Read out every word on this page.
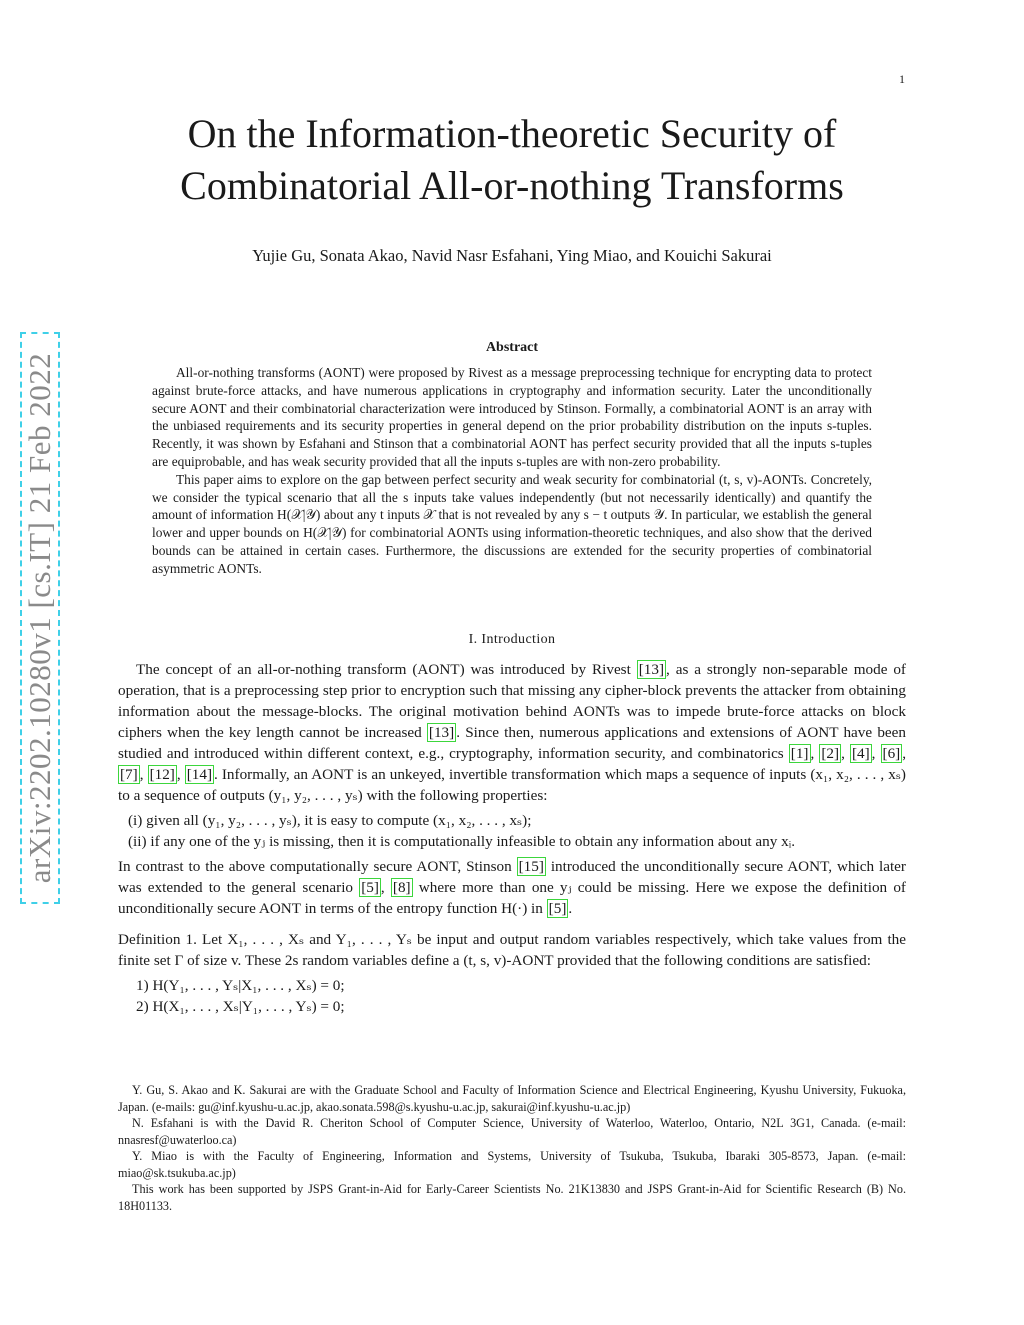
1
On the Information-theoretic Security of
Combinatorial All-or-nothing Transforms
Yujie Gu, Sonata Akao, Navid Nasr Esfahani, Ying Miao, and Kouichi Sakurai
arXiv:2202.10280v1 [cs.IT] 21 Feb 2022
Abstract

All-or-nothing transforms (AONT) were proposed by Rivest as a message preprocessing technique for encrypting data to protect against brute-force attacks, and have numerous applications in cryptography and information security. Later the unconditionally secure AONT and their combinatorial characterization were introduced by Stinson. Formally, a combinatorial AONT is an array with the unbiased requirements and its security properties in general depend on the prior probability distribution on the inputs s-tuples. Recently, it was shown by Esfahani and Stinson that a combinatorial AONT has perfect security provided that all the inputs s-tuples are equiprobable, and has weak security provided that all the inputs s-tuples are with non-zero probability.

This paper aims to explore on the gap between perfect security and weak security for combinatorial (t, s, v)-AONTs. Concretely, we consider the typical scenario that all the s inputs take values independently (but not necessarily identically) and quantify the amount of information H(𝒳|𝒴) about any t inputs 𝒳 that is not revealed by any s − t outputs 𝒴. In particular, we establish the general lower and upper bounds on H(𝒳|𝒴) for combinatorial AONTs using information-theoretic techniques, and also show that the derived bounds can be attained in certain cases. Furthermore, the discussions are extended for the security properties of combinatorial asymmetric AONTs.

I. Introduction

The concept of an all-or-nothing transform (AONT) was introduced by Rivest [13] , as a strongly non-separable mode of operation, that is a preprocessing step prior to encryption such that missing any cipher-block prevents the attacker from obtaining information about the message-blocks. The original motivation behind AONTs was to impede brute-force attacks on block ciphers when the key length cannot be increased [13] . Since then, numerous applications and extensions of AONT have been studied and introduced within different context, e.g., cryptography, information security, and combinatorics [1] , [2] , [4] , [6] , [7] , [12] , [14] . Informally, an AONT is an unkeyed, invertible transformation which maps a sequence of inputs (x₁, x₂, . . . , xₛ) to a sequence of outputs (y₁, y₂, . . . , yₛ) with the following properties:

(i) given all (y₁, y₂, . . . , yₛ), it is easy to compute (x₁, x₂, . . . , xₛ);
(ii) if any one of the yⱼ is missing, then it is computationally infeasible to obtain any information about any xᵢ.

In contrast to the above computationally secure AONT, Stinson [15] introduced the unconditionally secure AONT, which later was extended to the general scenario [5] , [8] where more than one yⱼ could be missing. Here we expose the definition of unconditionally secure AONT in terms of the entropy function H(·) in [5] .

Definition 1. Let X₁, . . . , Xₛ and Y₁, . . . , Yₛ be input and output random variables respectively, which take values from the finite set Γ of size v. These 2s random variables define a (t, s, v)-AONT provided that the following conditions are satisfied:

1) H(Y₁, . . . , Yₛ|X₁, . . . , Xₛ) = 0;
2) H(X₁, . . . , Xₛ|Y₁, . . . , Yₛ) = 0;

Y. Gu, S. Akao and K. Sakurai are with the Graduate School and Faculty of Information Science and Electrical Engineering, Kyushu University, Fukuoka, Japan. (e-mails: gu@inf.kyushu-u.ac.jp, akao.sonata.598@s.kyushu-u.ac.jp, sakurai@inf.kyushu-u.ac.jp)

N. Esfahani is with the David R. Cheriton School of Computer Science, University of Waterloo, Waterloo, Ontario, N2L 3G1, Canada. (e-mail: nnasresf@uwaterloo.ca)

Y. Miao is with the Faculty of Engineering, Information and Systems, University of Tsukuba, Tsukuba, Ibaraki 305-8573, Japan. (e-mail: miao@sk.tsukuba.ac.jp)

This work has been supported by JSPS Grant-in-Aid for Early-Career Scientists No. 21K13830 and JSPS Grant-in-Aid for Scientific Research (B) No. 18H01133.
